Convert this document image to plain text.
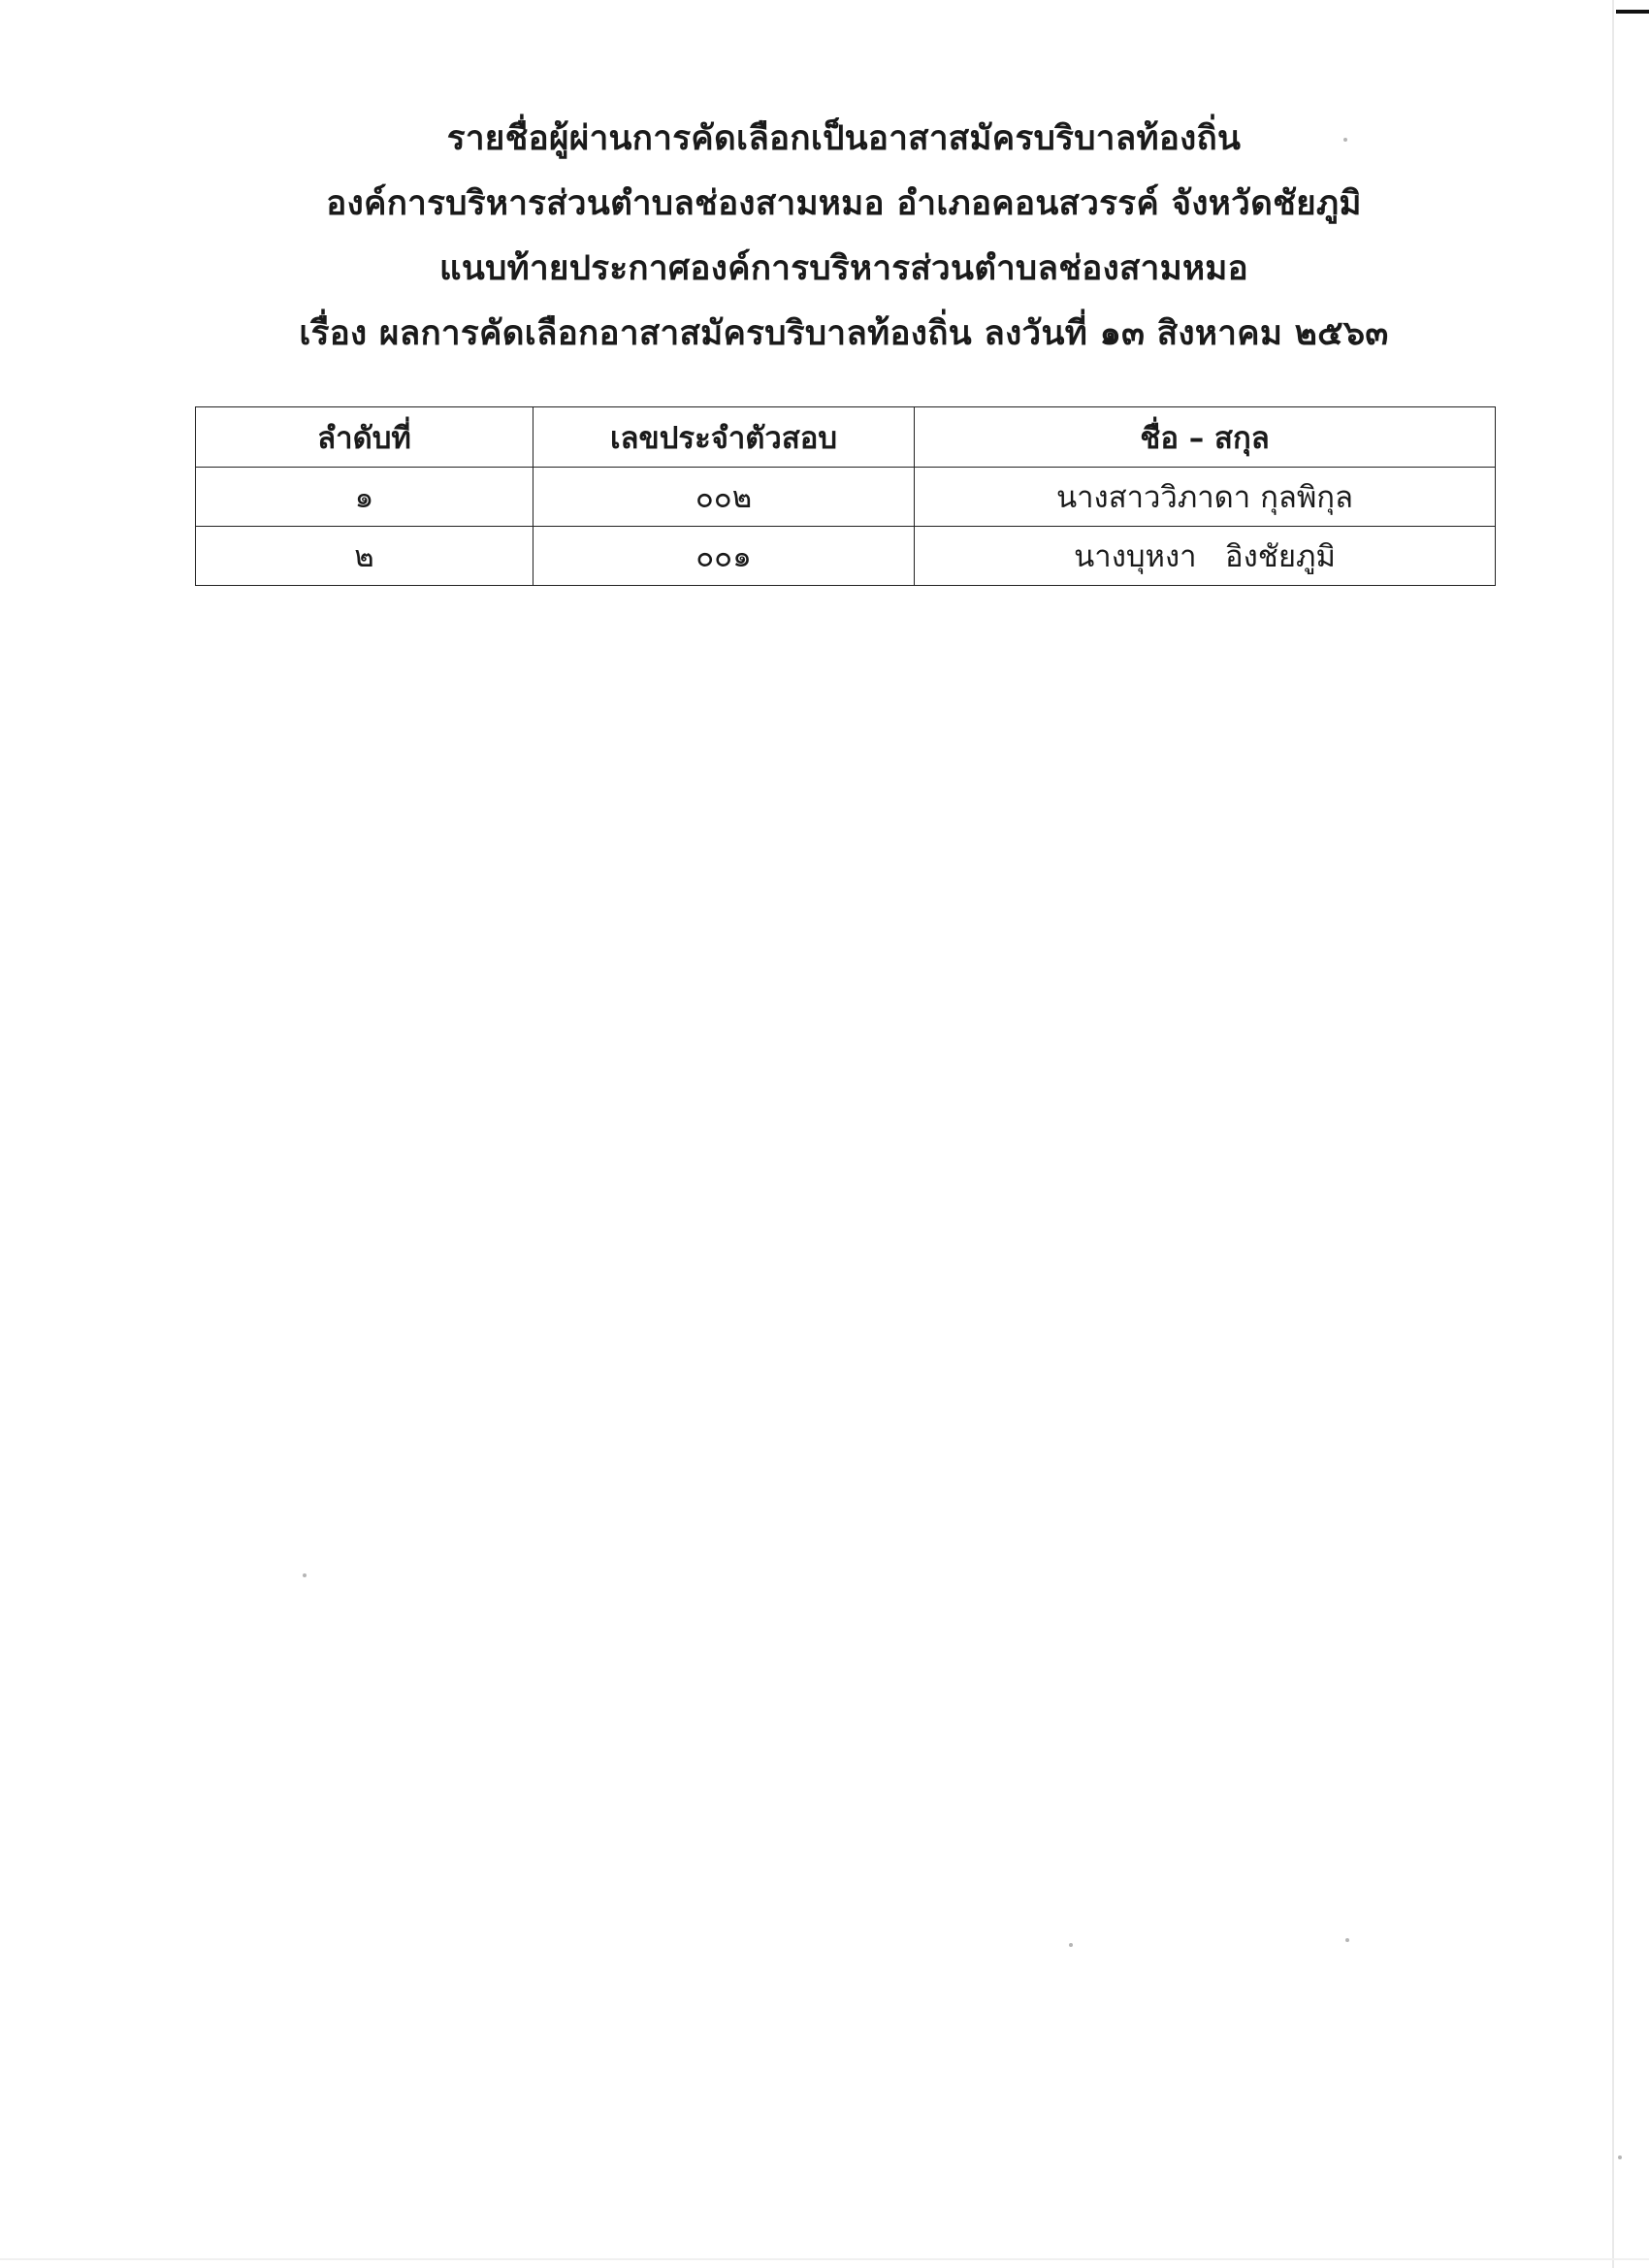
รายชื่อผู้ผ่านการคัดเลือกเป็นอาสาสมัครบริบาลท้องถิ่น
องค์การบริหารส่วนตำบลช่องสามหมอ อำเภอคอนสวรรค์ จังหวัดชัยภูมิ
แนบท้ายประกาศองค์การบริหารส่วนตำบลช่องสามหมอ
เรื่อง ผลการคัดเลือกอาสาสมัครบริบาลท้องถิ่น ลงวันที่ ๑๓ สิงหาคม ๒๕๖๓
ลำดับที่	เลขประจำตัวสอบ	ชื่อ – สกุล
๑	๐๐๒	นางสาววิภาดา กุลพิกุล
๒	๐๐๑	นางบุหงา   อิงชัยภูมิ
